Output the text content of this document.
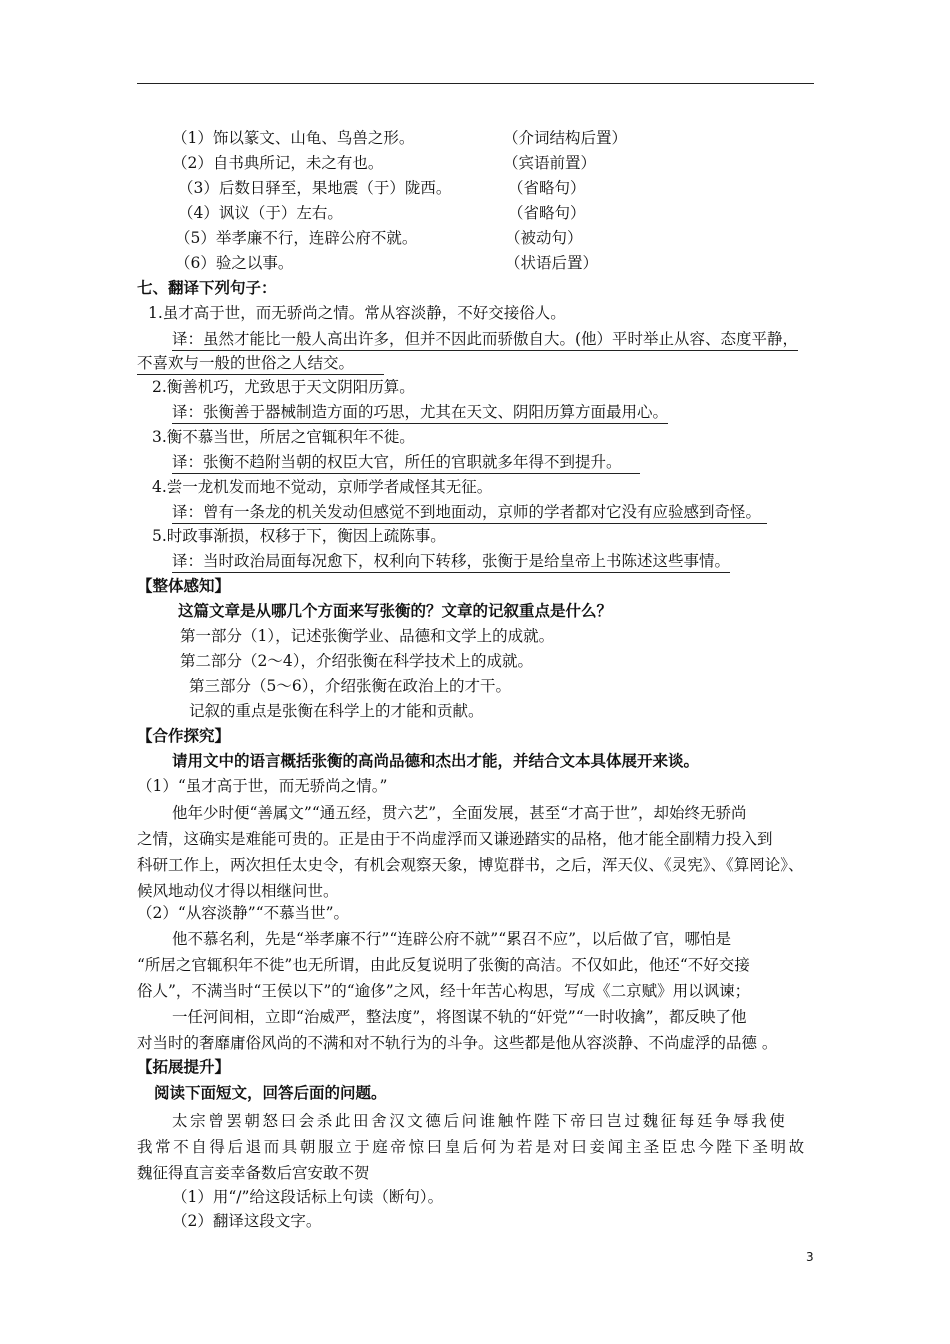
（1）饰以篆文、山龟、鸟兽之形。	（介词结构后置）
（2）自书典所记，未之有也。	（宾语前置）
（3）后数日驿至，果地震（于）陇西。	（省略句）
（4）讽议（于）左右。	（省略句）
（5）举孝廉不行，连辟公府不就。	（被动句）
（6）验之以事。	（状语后置）
七、翻译下列句子：
1.虽才高于世，而无骄尚之情。常从容淡静，不好交接俗人。
译：虽然才能比一般人高出许多，但并不因此而骄傲自大。(他）平时举止从容、态度平静，
不喜欢与一般的世俗之人结交。
2.衡善机巧，尤致思于天文阴阳历算。
译：张衡善于器械制造方面的巧思，尤其在天文、阴阳历算方面最用心。
3.衡不慕当世，所居之官辄积年不徙。
译：张衡不趋附当朝的权臣大官，所任的官职就多年得不到提升。
4.尝一龙机发而地不觉动，京师学者咸怪其无征。
译：曾有一条龙的机关发动但感觉不到地面动，京师的学者都对它没有应验感到奇怪。
5.时政事渐损，权移于下，衡因上疏陈事。
译：当时政治局面每况愈下，权利向下转移，张衡于是给皇帝上书陈述这些事情。
【整体感知】
这篇文章是从哪几个方面来写张衡的？文章的记叙重点是什么？
第一部分（1），记述张衡学业、品德和文学上的成就。
第二部分（2～4），介绍张衡在科学技术上的成就。
第三部分（5～6），介绍张衡在政治上的才干。
记叙的重点是张衡在科学上的才能和贡献。
【合作探究】
请用文中的语言概括张衡的高尚品德和杰出才能，并结合文本具体展开来谈。
（1）“虽才高于世，而无骄尚之情。”
他年少时便“善属文”“通五经，贯六艺”，全面发展，甚至“才高于世”，却始终无骄尚
之情，这确实是难能可贵的。正是由于不尚虚浮而又谦逊踏实的品格，他才能全副精力投入到
科研工作上，两次担任太史令，有机会观察天象，博览群书，之后，浑天仪、《灵宪》、《算罔论》、
候风地动仪才得以相继问世。
（2）“从容淡静”“不慕当世”。
他不慕名利，先是“举孝廉不行”“连辟公府不就”“累召不应”，以后做了官，哪怕是
“所居之官辄积年不徙”也无所谓，由此反复说明了张衡的高洁。不仅如此，他还“不好交接
俗人”，不满当时“王侯以下”的“逾侈”之风，经十年苦心构思，写成《二京赋》用以讽谏；
一任河间相，立即“治威严，整法度”，将图谋不轨的“奸党”“一时收擒”，都反映了他
对当时的奢靡庸俗风尚的不满和对不轨行为的斗争。这些都是他从容淡静、不尚虚浮的品德 。
【拓展提升】
阅读下面短文，回答后面的问题。
太宗曾罢朝怒曰会杀此田舍汉文德后问谁触忤陛下帝曰岂过魏征每廷争辱我使
我常不自得后退而具朝服立于庭帝惊曰皇后何为若是对曰妾闻主圣臣忠今陛下圣明故
魏征得直言妾幸备数后宫安敢不贺
（1）用“/”给这段话标上句读（断句）。
（2）翻译这段文字。
3
